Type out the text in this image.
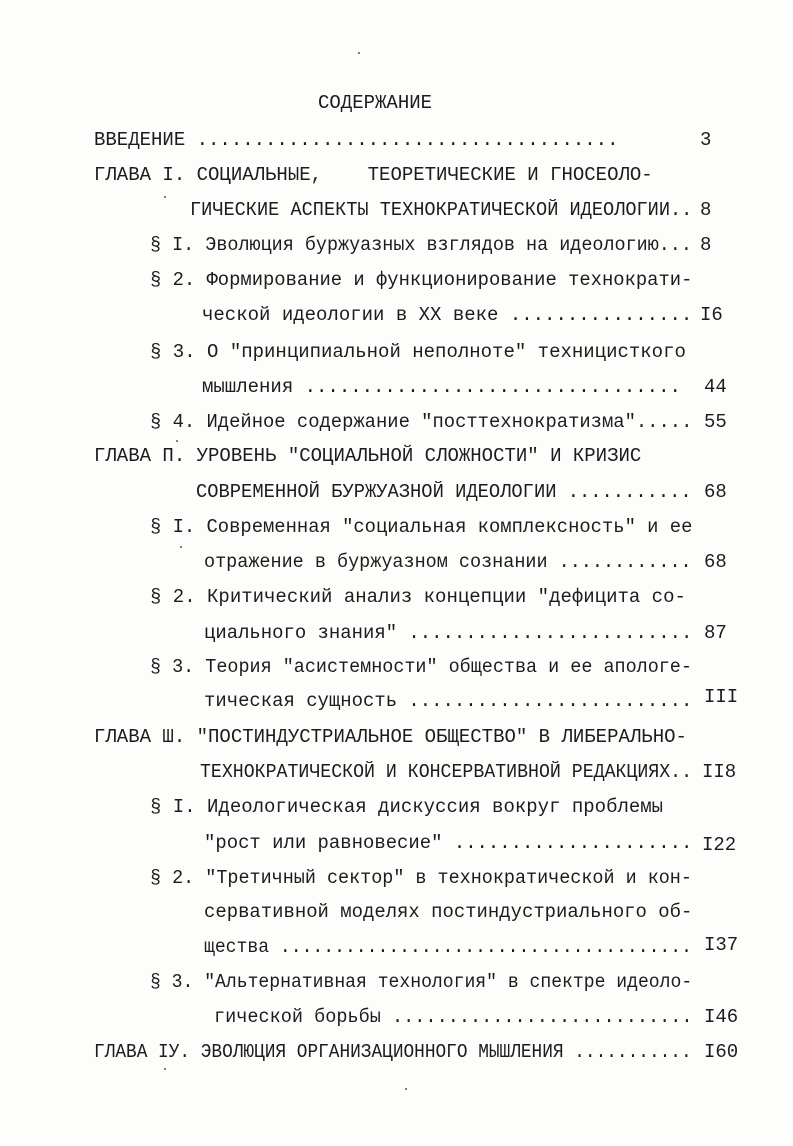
СОДЕРЖАНИЕ
ВВЕДЕНИЕ .....................................	3
ГЛАВА I. СОЦИАЛЬНЫЕ,    ТЕОРЕТИЧЕСКИЕ И ГНОСЕОЛО-
ГИЧЕСКИЕ АСПЕКТЫ ТЕХНОКРАТИЧЕСКОЙ ИДЕОЛОГИИ.. 8
§ I. Эволюция буржуазных взглядов на идеологию... 8
§ 2. Формирование и функционирование технократи-
ческой идеологии в XX веке ................ I6
§ 3. О "принципиальной неполноте" техницисткого
мышления ................................. 44
§ 4. Идейное содержание "посттехнократизма"..... 55
ГЛАВА П. УРОВЕНЬ "СОЦИАЛЬНОЙ СЛОЖНОСТИ" И КРИЗИС
СОВРЕМЕННОЙ БУРЖУАЗНОЙ ИДЕОЛОГИИ ........... 68
§ I. Современная "социальная комплексность" и ее
отражение в буржуазном сознании ............ 68
§ 2. Критический анализ концепции "дефицита со-
циального знания" ......................... 87
§ 3. Теория "асистемности" общества и ее апологе-
тическая сущность ......................... III
ГЛАВА Ш. "ПОСТИНДУСТРИАЛЬНОЕ ОБЩЕСТВО" В ЛИБЕРАЛЬНО-
ТЕХНОКРАТИЧЕСКОЙ И КОНСЕРВАТИВНОЙ РЕДАКЦИЯХ.. II8
§ I. Идеологическая дискуссия вокруг проблемы
"рост или равновесие" ..................... I22
§ 2. "Третичный сектор" в технократической и кон-
сервативной моделях постиндустриального об-
щества ...................................... I37
§ 3. "Альтернативная технология" в спектре идеоло-
гической борьбы ........................... I46
ГЛАВА IУ. ЭВОЛЮЦИЯ ОРГАНИЗАЦИОННОГО МЫШЛЕНИЯ ........... I60
